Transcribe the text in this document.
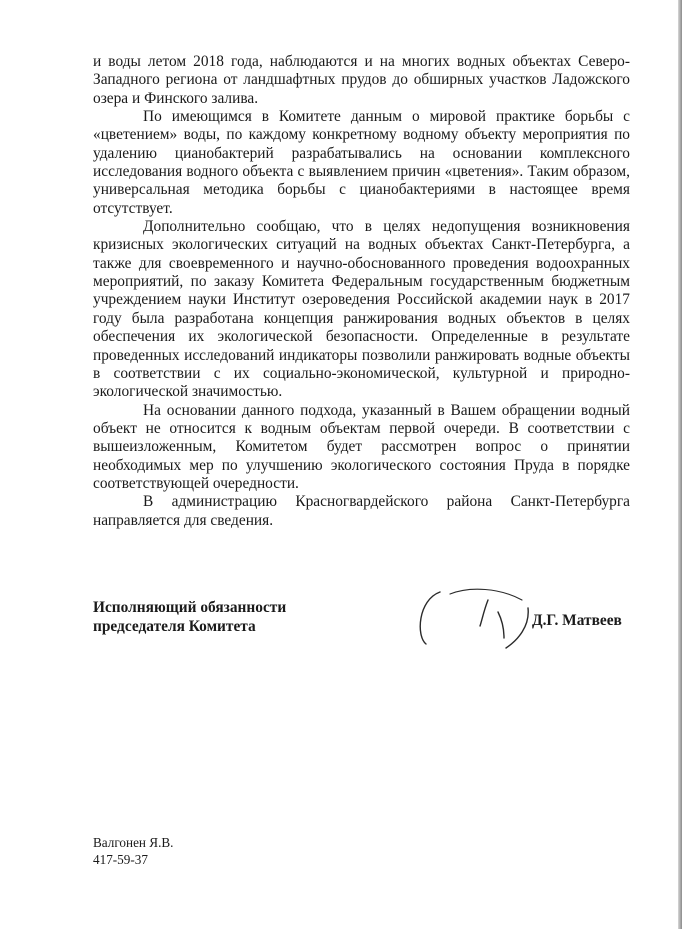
и воды летом 2018 года, наблюдаются и на многих водных объектах Северо-Западного региона от ландшафтных прудов до обширных участков Ладожского озера и Финского залива.

По имеющимся в Комитете данным о мировой практике борьбы с «цветением» воды, по каждому конкретному водному объекту мероприятия по удалению цианобактерий разрабатывались на основании комплексного исследования водного объекта с выявлением причин «цветения». Таким образом, универсальная методика борьбы с цианобактериями в настоящее время отсутствует.

Дополнительно сообщаю, что в целях недопущения возникновения кризисных экологических ситуаций на водных объектах Санкт-Петербурга, а также для своевременного и научно-обоснованного проведения водоохранных мероприятий, по заказу Комитета Федеральным государственным бюджетным учреждением науки Институт озероведения Российской академии наук в 2017 году была разработана концепция ранжирования водных объектов в целях обеспечения их экологической безопасности. Определенные в результате проведенных исследований индикаторы позволили ранжировать водные объекты в соответствии с их социально-экономической, культурной и природно-экологической значимостью.

На основании данного подхода, указанный в Вашем обращении водный объект не относится к водным объектам первой очереди. В соответствии с вышеизложенным, Комитетом будет рассмотрен вопрос о принятии необходимых мер по улучшению экологического состояния Пруда в порядке соответствующей очередности.

В администрацию Красногвардейского района Санкт-Петербурга направляется для сведения.

Исполняющий обязанности
председателя Комитета	Д.Г. Матвеев
Валгонен Я.В.
417-59-37
